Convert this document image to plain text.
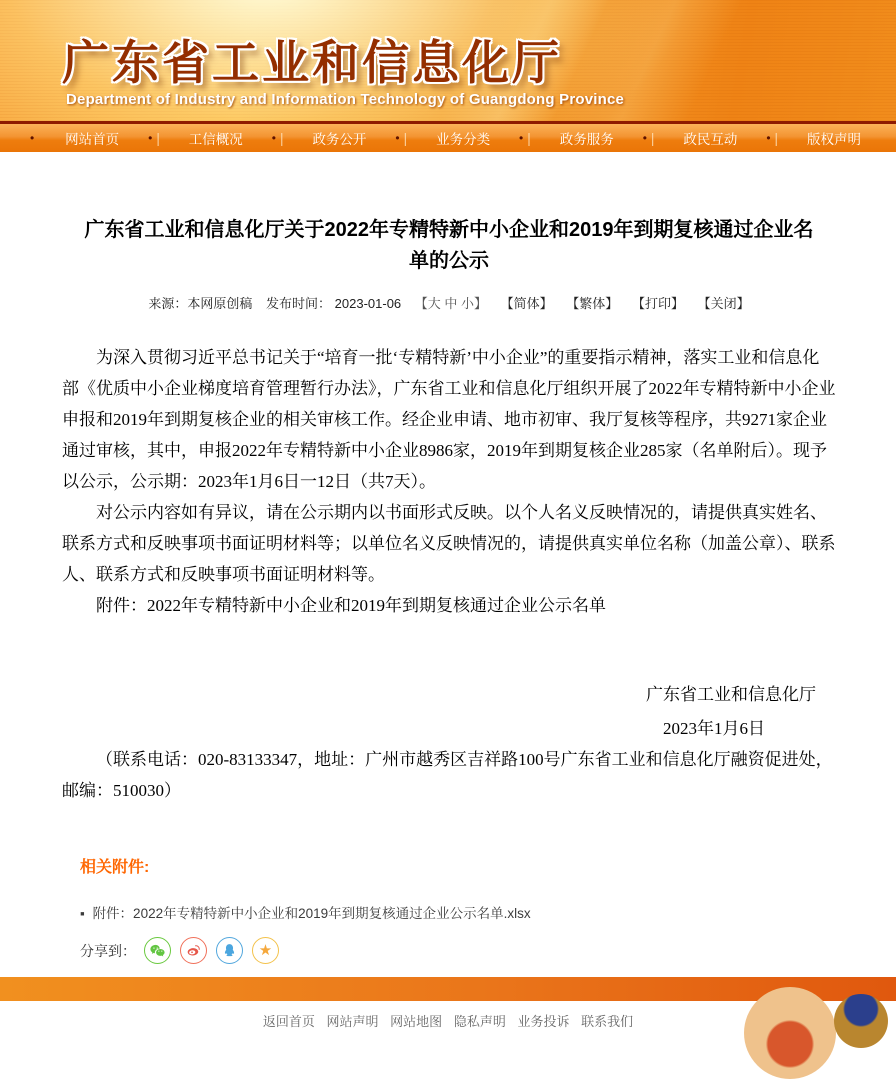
广东省工业和信息化厅
Department of Industry and Information Technology of Guangdong Province
•	网站首页	• |	工信概况	• |	政务公开	• |	业务分类	• |	政务服务	• |	政民互动	• |	版权声明
广东省工业和信息化厅关于2022年专精特新中小企业和2019年到期复核通过企业名单的公示
来源：本网原创稿 发布时间： 2023-01-06 【大 中 小】 【简体】 【繁体】 【打印】 【关闭】

为深入贯彻习近平总书记关于“培育一批‘专精特新’中小企业”的重要指示精神，落实工业和信息化部《优质中小企业梯度培育管理暂行办法》，广东省工业和信息化厅组织开展了2022年专精特新中小企业申报和2019年到期复核企业的相关审核工作。经企业申请、地市初审、我厅复核等程序，共9271家企业通过审核，其中，申报2022年专精特新中小企业8986家，2019年到期复核企业285家（名单附后）。现予以公示，公示期：2023年1月6日一12日（共7天）。

对公示内容如有异议，请在公示期内以书面形式反映。以个人名义反映情况的，请提供真实姓名、联系方式和反映事项书面证明材料等；以单位名义反映情况的，请提供真实单位名称（加盖公章）、联系人、联系方式和反映事项书面证明材料等。

附件：2022年专精特新中小企业和2019年到期复核通过企业公示名单

广东省工业和信息化厅
2023年1月6日

（联系电话：020-83133347，地址：广州市越秀区吉祥路100号广东省工业和信息化厅融资促进处，邮编：510030）

相关附件:
▪ 附件：2022年专精特新中小企业和2019年到期复核通过企业公示名单.xlsx
分享到：	★
返回首页 网站声明 网站地图 隐私声明 业务投诉 联系我们
